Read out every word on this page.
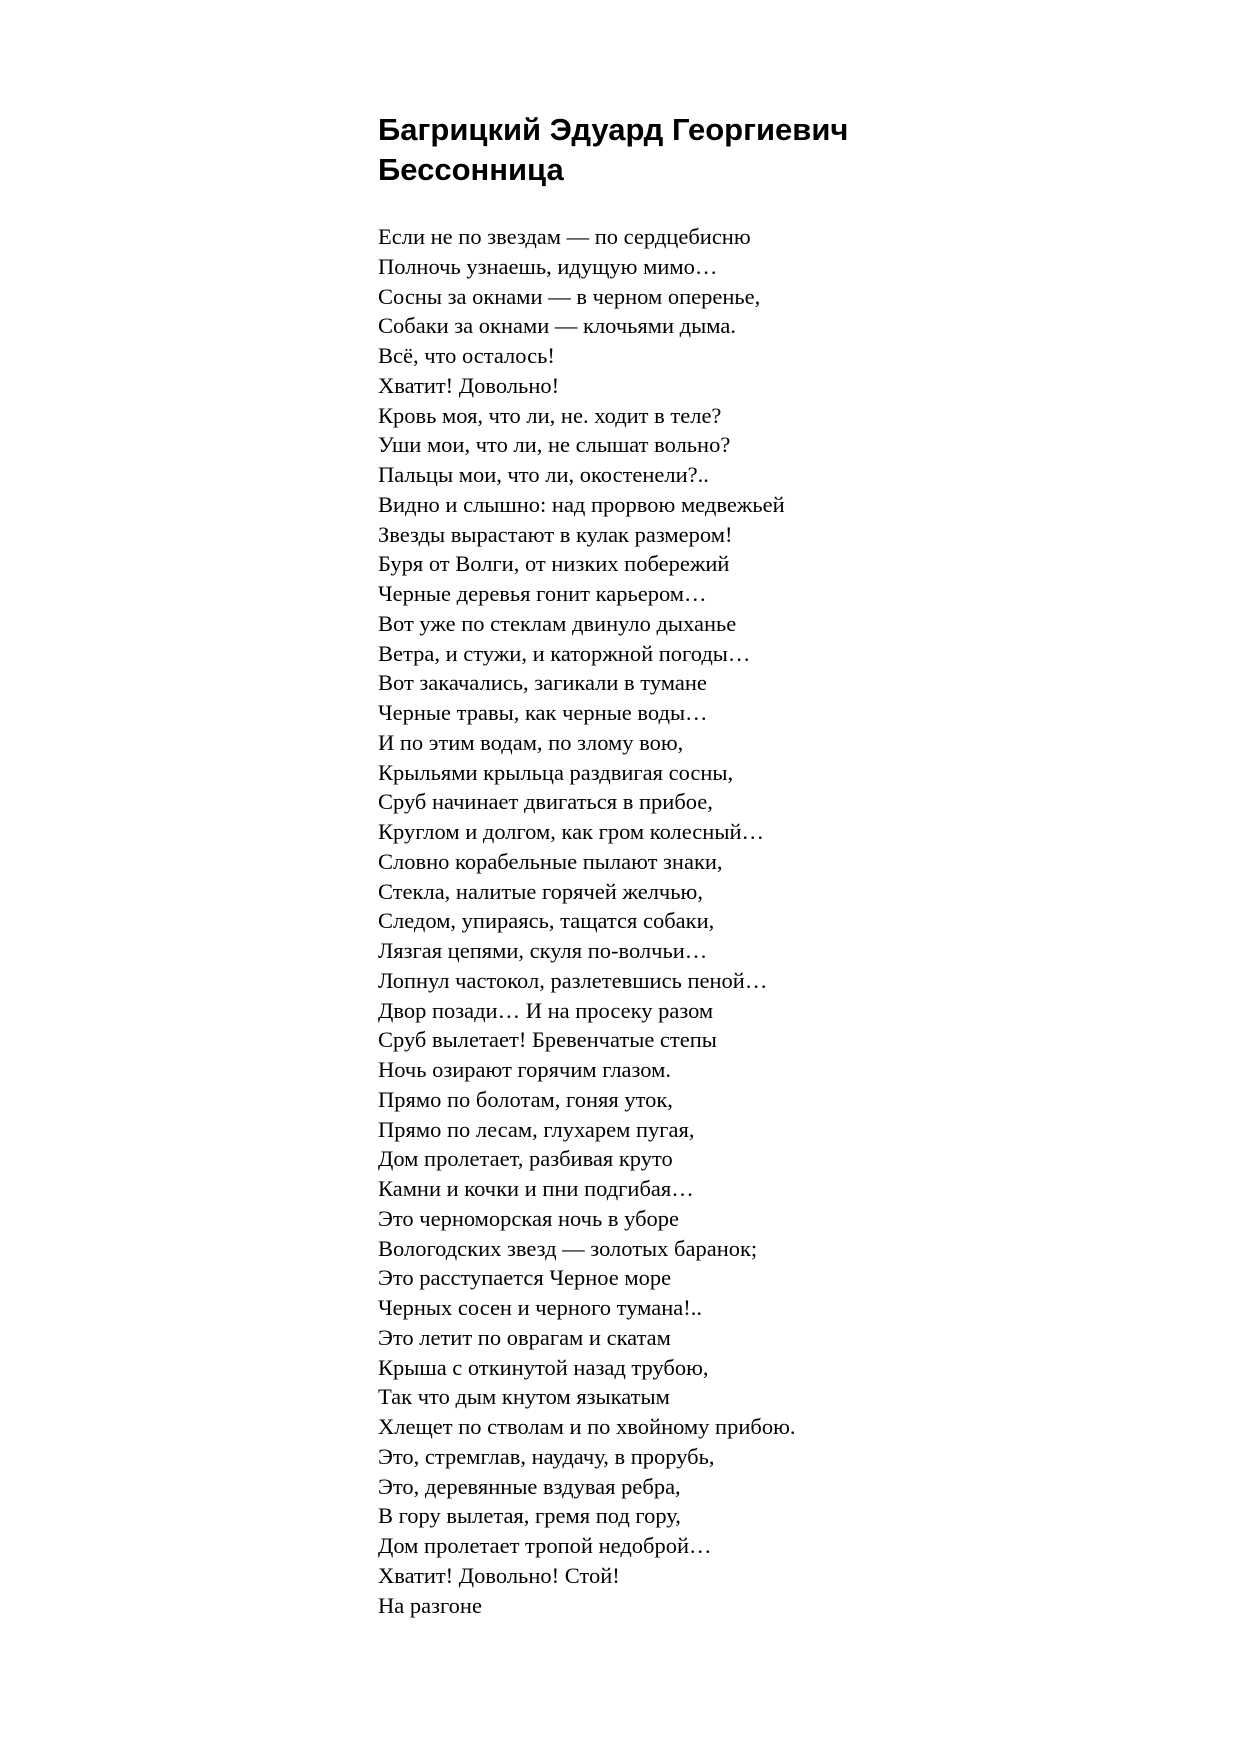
Багрицкий Эдуард Георгиевич
Бессонница
Если не по звездам — по сердцебисню
Полночь узнаешь, идущую мимо…
Сосны за окнами — в черном оперенье,
Собаки за окнами — клочьями дыма.
Всё, что осталось!
Хватит! Довольно!
Кровь моя, что ли, не. ходит в теле?
Уши мои, что ли, не слышат вольно?
Пальцы мои, что ли, окостенели?..
Видно и слышно: над прорвою медвежьей
Звезды вырастают в кулак размером!
Буря от Волги, от низких побережий
Черные деревья гонит карьером…
Вот уже по стеклам двинуло дыханье
Ветра, и стужи, и каторжной погоды…
Вот закачались, загикали в тумане
Черные травы, как черные воды…
И по этим водам, по злому вою,
Крыльями крыльца раздвигая сосны,
Сруб начинает двигаться в прибое,
Круглом и долгом, как гром колесный…
Словно корабельные пылают знаки,
Стекла, налитые горячей желчью,
Следом, упираясь, тащатся собаки,
Лязгая цепями, скуля по-волчьи…
Лопнул частокол, разлетевшись пеной…
Двор позади… И на просеку разом
Сруб вылетает! Бревенчатые степы
Ночь озирают горячим глазом.
Прямо по болотам, гоняя уток,
Прямо по лесам, глухарем пугая,
Дом пролетает, разбивая круто
Камни и кочки и пни подгибая…
Это черноморская ночь в уборе
Вологодских звезд — золотых баранок;
Это расступается Черное море
Черных сосен и черного тумана!..
Это летит по оврагам и скатам
Крыша с откинутой назад трубою,
Так что дым кнутом языкатым
Хлещет по стволам и по хвойному прибою.
Это, стремглав, наудачу, в прорубь,
Это, деревянные вздувая ребра,
В гору вылетая, гремя под гору,
Дом пролетает тропой недоброй…
Хватит! Довольно! Стой!
На разгоне
